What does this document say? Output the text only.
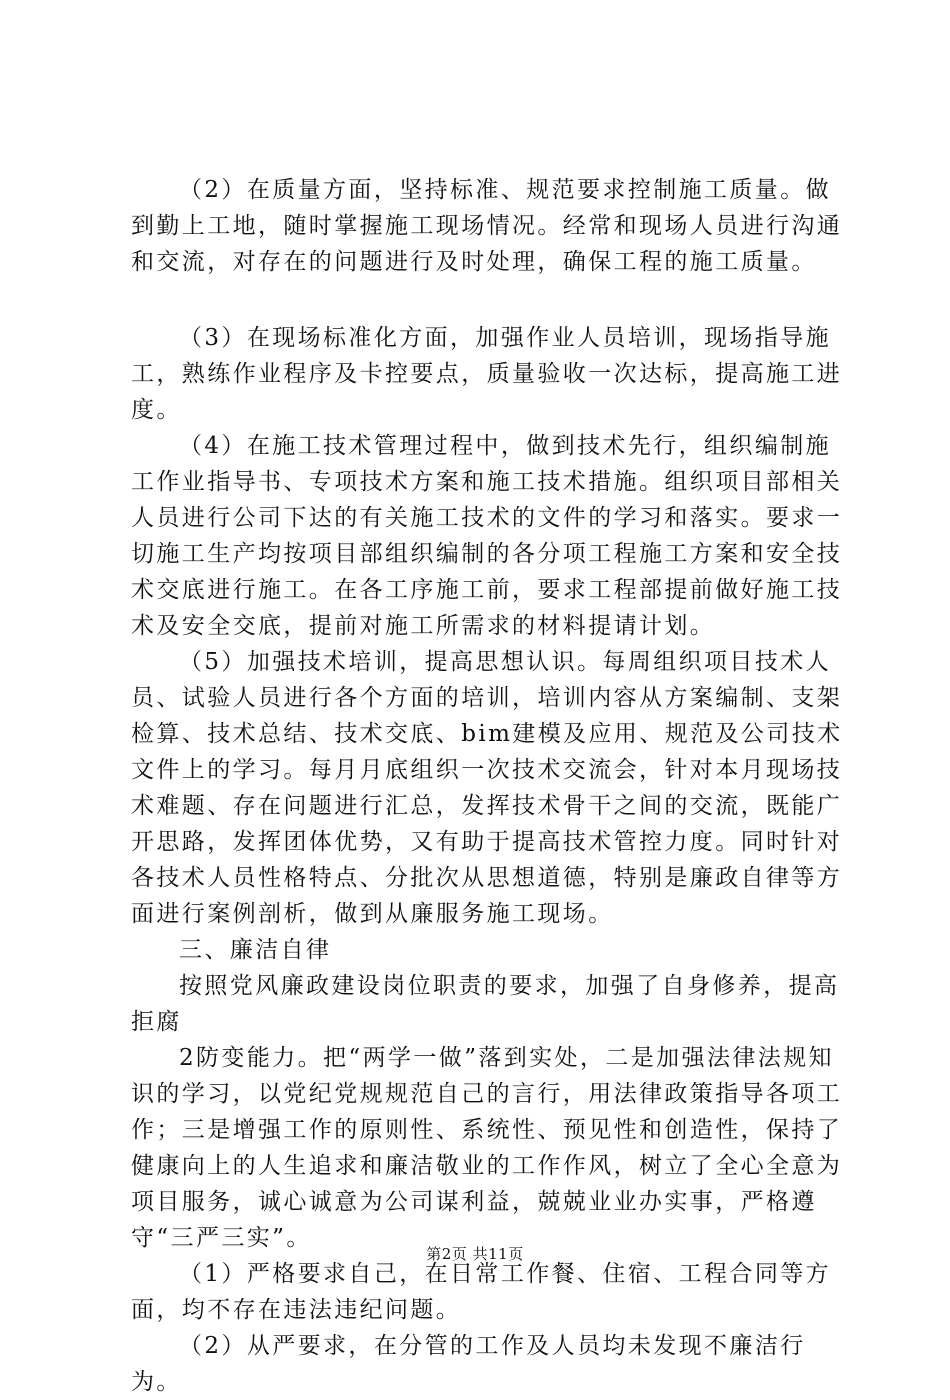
（2）在质量方面，坚持标准、规范要求控制施工质量。做到勤上工地，随时掌握施工现场情况。经常和现场人员进行沟通和交流，对存在的问题进行及时处理，确保工程的施工质量。

（3）在现场标准化方面，加强作业人员培训，现场指导施工，熟练作业程序及卡控要点，质量验收一次达标，提高施工进度。

（4）在施工技术管理过程中，做到技术先行，组织编制施工作业指导书、专项技术方案和施工技术措施。组织项目部相关人员进行公司下达的有关施工技术的文件的学习和落实。要求一切施工生产均按项目部组织编制的各分项工程施工方案和安全技术交底进行施工。在各工序施工前，要求工程部提前做好施工技术及安全交底，提前对施工所需求的材料提请计划。

（5）加强技术培训，提高思想认识。每周组织项目技术人员、试验人员进行各个方面的培训，培训内容从方案编制、支架检算、技术总结、技术交底、bim建模及应用、规范及公司技术文件上的学习。每月月底组织一次技术交流会，针对本月现场技术难题、存在问题进行汇总，发挥技术骨干之间的交流，既能广开思路，发挥团体优势，又有助于提高技术管控力度。同时针对各技术人员性格特点、分批次从思想道德，特别是廉政自律等方面进行案例剖析，做到从廉服务施工现场。

三、廉洁自律

按照党风廉政建设岗位职责的要求，加强了自身修养，提高拒腐

2防变能力。把“两学一做”落到实处，二是加强法律法规知识的学习，以党纪党规规范自己的言行，用法律政策指导各项工作；三是增强工作的原则性、系统性、预见性和创造性，保持了健康向上的人生追求和廉洁敬业的工作作风，树立了全心全意为项目服务，诚心诚意为公司谋利益，兢兢业业办实事，严格遵守“三严三实”。

（1）严格要求自己，在日常工作餐、住宿、工程合同等方面，均不存在违法违纪问题。

（2）从严要求，在分管的工作及人员均未发现不廉洁行为。

第2页 共11页
